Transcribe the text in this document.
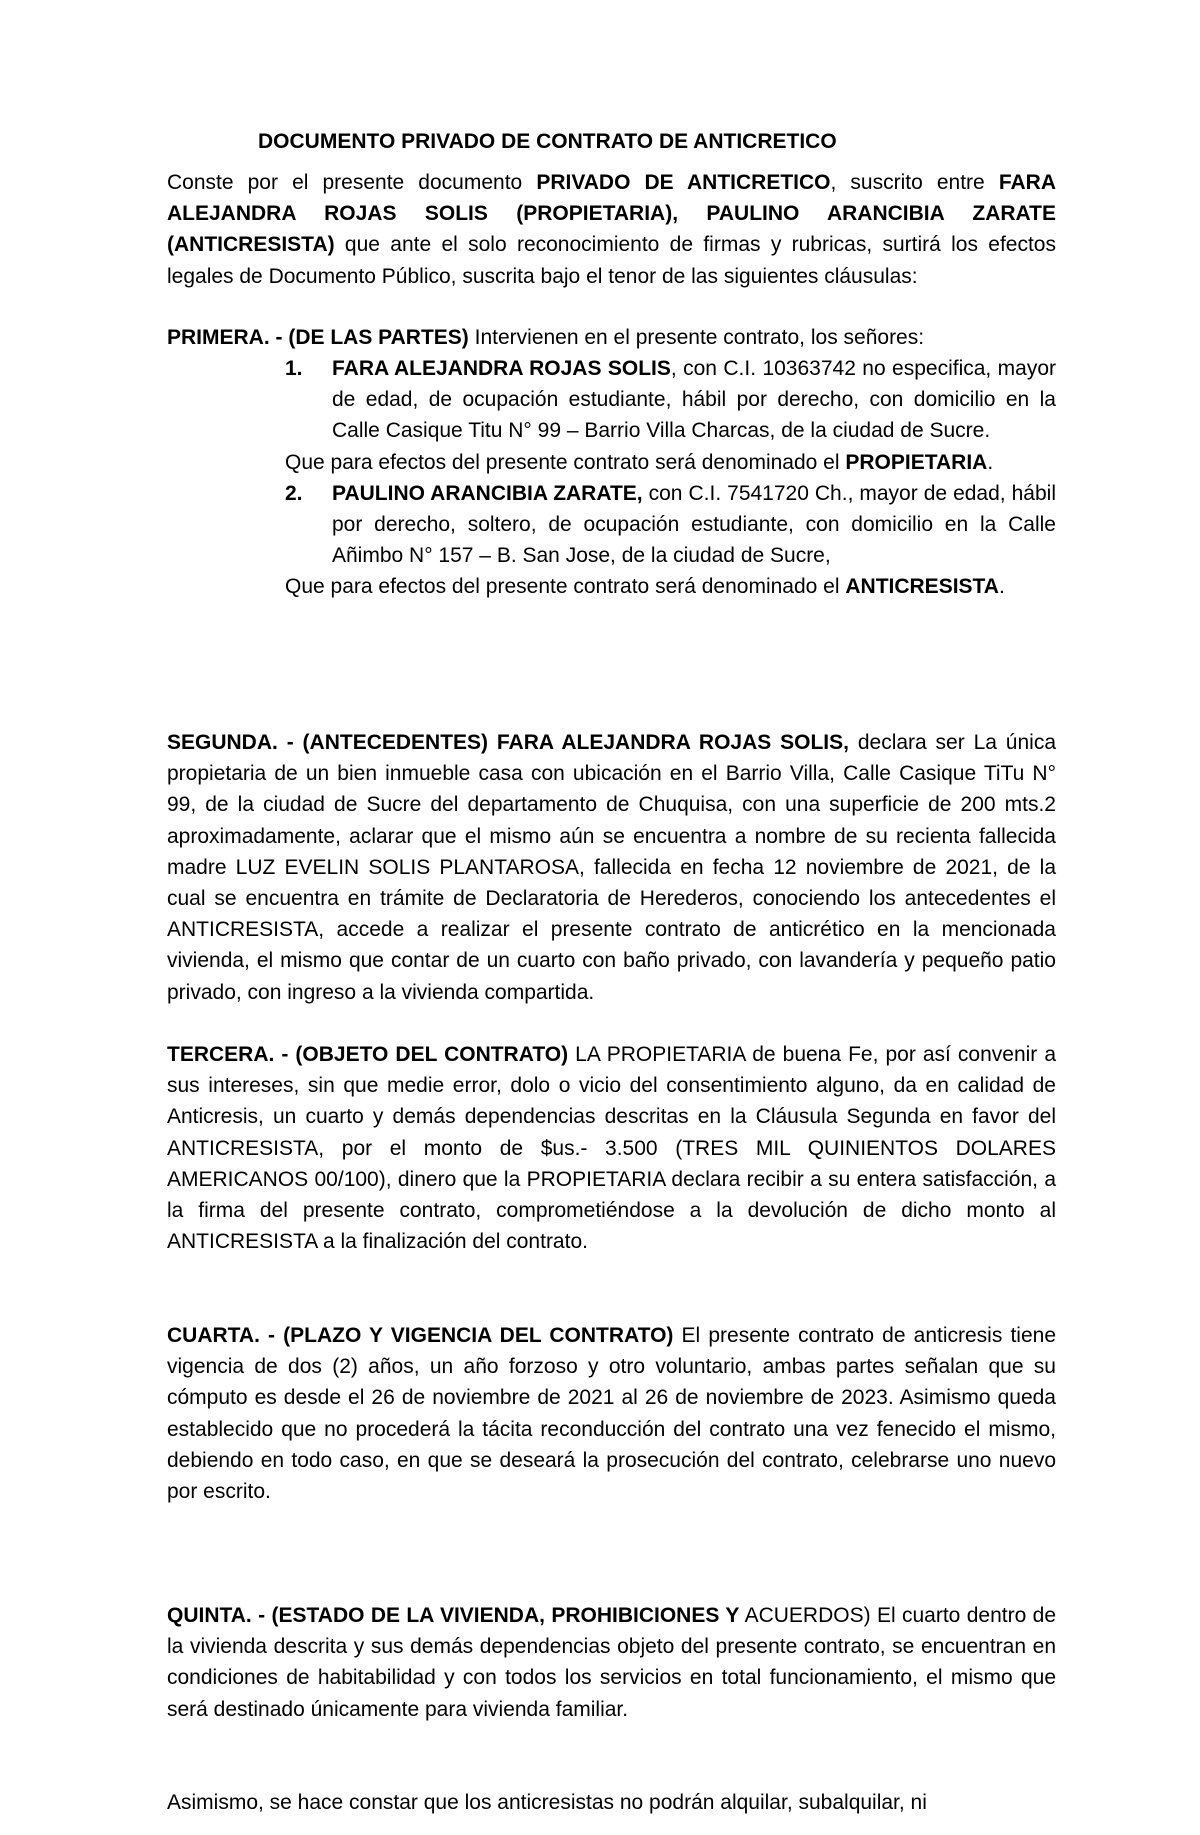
DOCUMENTO PRIVADO DE CONTRATO DE ANTICRETICO
Conste por el presente documento PRIVADO DE ANTICRETICO, suscrito entre FARA ALEJANDRA ROJAS SOLIS (PROPIETARIA), PAULINO ARANCIBIA ZARATE (ANTICRESISTA) que ante el solo reconocimiento de firmas y rubricas, surtirá los efectos legales de Documento Público, suscrita bajo el tenor de las siguientes cláusulas:
PRIMERA. - (DE LAS PARTES) Intervienen en el presente contrato, los señores:
1. FARA ALEJANDRA ROJAS SOLIS, con C.I. 10363742 no especifica, mayor de edad, de ocupación estudiante, hábil por derecho, con domicilio en la Calle Casique Titu N° 99 – Barrio Villa Charcas, de la ciudad de Sucre.

Que para efectos del presente contrato será denominado el PROPIETARIA.

2. PAULINO ARANCIBIA ZARATE, con C.I. 7541720 Ch., mayor de edad, hábil por derecho, soltero, de ocupación estudiante, con domicilio en la Calle Añimbo N° 157 – B. San Jose, de la ciudad de Sucre,

Que para efectos del presente contrato será denominado el ANTICRESISTA.

SEGUNDA. - (ANTECEDENTES) FARA ALEJANDRA ROJAS SOLIS, declara ser La única propietaria de un bien inmueble casa con ubicación en el Barrio Villa, Calle Casique TiTu N° 99, de la ciudad de Sucre del departamento de Chuquisa, con una superficie de 200 mts.2 aproximadamente, aclarar que el mismo aún se encuentra a nombre de su recienta fallecida madre LUZ EVELIN SOLIS PLANTAROSA, fallecida en fecha 12 noviembre de 2021, de la cual se encuentra en trámite de Declaratoria de Herederos, conociendo los antecedentes el ANTICRESISTA, accede a realizar el presente contrato de anticrético en la mencionada vivienda, el mismo que contar de un cuarto con baño privado, con lavandería y pequeño patio privado, con ingreso a la vivienda compartida.
TERCERA. - (OBJETO DEL CONTRATO) LA PROPIETARIA de buena Fe, por así convenir a sus intereses, sin que medie error, dolo o vicio del consentimiento alguno, da en calidad de Anticresis, un cuarto y demás dependencias descritas en la Cláusula Segunda en favor del ANTICRESISTA, por el monto de $us.- 3.500 (TRES MIL QUINIENTOS DOLARES AMERICANOS 00/100), dinero que la PROPIETARIA declara recibir a su entera satisfacción, a la firma del presente contrato, comprometiéndose a la devolución de dicho monto al ANTICRESISTA a la finalización del contrato.
CUARTA. - (PLAZO Y VIGENCIA DEL CONTRATO) El presente contrato de anticresis tiene vigencia de dos (2) años, un año forzoso y otro voluntario, ambas partes señalan que su cómputo es desde el 26 de noviembre de 2021 al 26 de noviembre de 2023. Asimismo queda establecido que no procederá la tácita reconducción del contrato una vez fenecido el mismo, debiendo en todo caso, en que se deseará la prosecución del contrato, celebrarse uno nuevo por escrito.
QUINTA. - (ESTADO DE LA VIVIENDA, PROHIBICIONES Y ACUERDOS) El cuarto dentro de la vivienda descrita y sus demás dependencias objeto del presente contrato, se encuentran en condiciones de habitabilidad y con todos los servicios en total funcionamiento, el mismo que será destinado únicamente para vivienda familiar.
Asimismo, se hace constar que los anticresistas no podrán alquilar, subalquilar, ni
